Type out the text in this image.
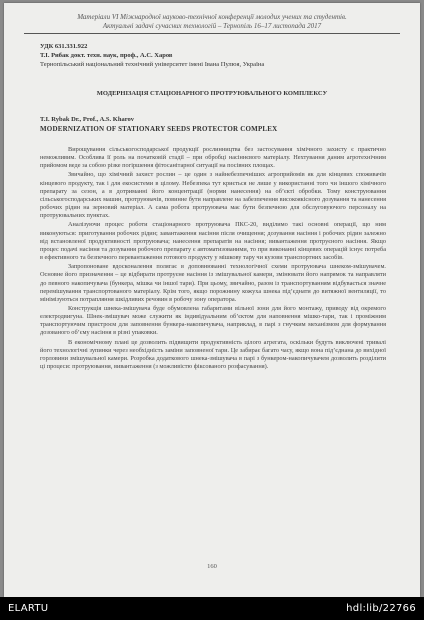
Матеріали VI Міжнародної науково-технічної конференції молодих учених та студентів.
Актуальні задачі сучасних технологій – Тернопіль 16–17 листопада 2017
УДК 631.331.922
Т.І. Рибак докт. техн. наук, проф., А.С. Харов
Тернопільський національний технічний університет імені Івана Пулюя, Україна
МОДЕРНІЗАЦІЯ СТАЦІОНАРНОГО ПРОТРУЮВАЛЬНОГО КОМПЛЕКСУ
T.I. Rybak Dr., Prof., A.S. Kharov
MODERNIZATION OF STATIONARY SEEDS PROTECTOR COMPLEX

Вирощування сільськогосподарської продукції рослинництва без застосування хімічного захисту є практично неможливим. Особлива її роль на початковій стадії – при обробці насіннєвого матеріалу. Нехтування даним агротехнічним прийомом веде за собою різке погіршення фітосанітарної ситуації на посівних площах.

Звичайно, що хімічний захист рослин – це один з найнебезпечніших агроприйомів як для кінцевих споживачів кінцевого продукту, так і для екосистеми в цілому. Небезпека тут криється не лише у використанні того чи іншого хімічного препарату за сезон, а в дотриманні його концентрації (норми нанесення) на об’єкті обробки. Тому конструювання сільськогосподарських машин, протруювачів, повинне бути направлене на забезпечення високоякісного дозування та нанесення робочих рідин на зерновий матеріал. А сама робота протруювача має бути безпечною для обслуговуючого персоналу на протруювальних пунктах.

Аналізуючи процес роботи стаціонарного протруювача ПКС-20, виділимо такі основні операції, що ним виконуються: приготування робочих рідин; завантаження насіння після очищення; дозування насіння і робочих рідин залежно від встановленої продуктивності протруювача; нанесення препаратів на насіння; вивантаження протруєного насіння. Якщо процес подачі насіння та дозування робочого препарату є автоматизованими, то при виконанні кінцевих операцій існує потреба в ефективного та безпечного перевантаження готового продукту у мішкову тару чи кузови транспортних засобів.

Запропоноване вдосконалення полягає в доповнюванні технологічної схеми протруювача шнеком-змішувачем. Основне його призначення – це відбирати протруєне насіння із змішувальної камери, змінювати його напрямок та направляти до певного накопичувача (бункера, мішка чи іншої тари). При цьому, звичайно, разом із транспортуванням відбувається значне перемішування транспортованого матеріалу. Крім того, якщо порожнину кожуха шнека під’єднати до витяжної вентиляції, то мінімізуються потрапляння шкідливих речовин в робочу зону оператора.

Конструкція шнека-змішувача буде обумовлена габаритами вільної зони для його монтажу, приводу від окремого електродвигуна. Шнек-змішувач може служити як індивідуальним об’єктом для наповнення мішко-тари, так і проміжним транспортуючим пристроєм для заповнення бункера-накопичувача, наприклад, в парі з гнучким механізмом для формування дозованого об’єму насіння в різні упаковки.

В економічному плані це дозволить підвищити продуктивність цілого агрегата, оскільки будуть виключені тривалі його технологічні зупинки через необхідність заміни заповненої тари. Це забирає багато часу, якщо вона під’єднана до вихідної горловини змішувальної камери. Розробка додаткового шнека-змішувача в парі з бункером-накопичувачем дозволить розділити ці процеси: протруювання, вивантаження (з можливістю фіксованого розфасування).

160
ELARTU	hdl:lib/22766
